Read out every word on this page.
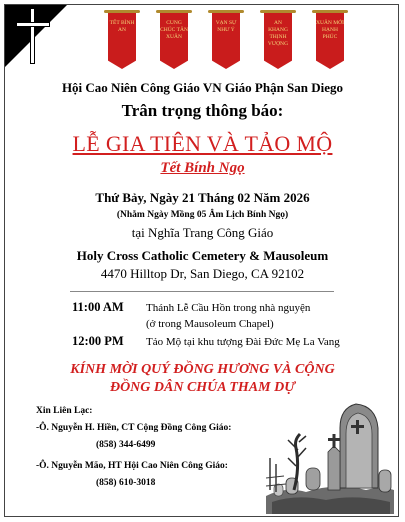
TẾT BÌNH AN
CUNG CHÚC TÂN XUÂN
VẠN SỰ NHƯ Ý
AN KHANG THỊNH VƯỢNG
XUÂN MỚI HẠNH PHÚC
Hội Cao Niên Công Giáo VN Giáo Phận San Diego
Trân trọng thông báo:
LỄ GIA TIÊN VÀ TẢO MỘ
Tết Bính Ngọ
Thứ Bảy, Ngày 21 Tháng 02 Năm 2026
(Nhằm Ngày Mồng 05 Âm Lịch Bính Ngọ)
tại Nghĩa Trang Công Giáo
Holy Cross Catholic Cemetery & Mausoleum
4470 Hilltop Dr, San Diego, CA 92102
11:00 AM Thánh Lễ Cầu Hồn trong nhà nguyện
(ở trong Mausoleum Chapel)
12:00 PM Tảo Mộ tại khu tượng Đài Đức Mẹ La Vang
KÍNH MỜI QUÝ ĐỒNG HƯƠNG VÀ CỘNG
ĐỒNG DÂN CHÚA THAM DỰ
Xin Liên Lạc:
-Ô. Nguyễn H. Hiền, CT Cộng Đồng Công Giáo:
(858) 344-6499
-Ô. Nguyễn Mão, HT Hội Cao Niên Công Giáo:
(858) 610-3018
